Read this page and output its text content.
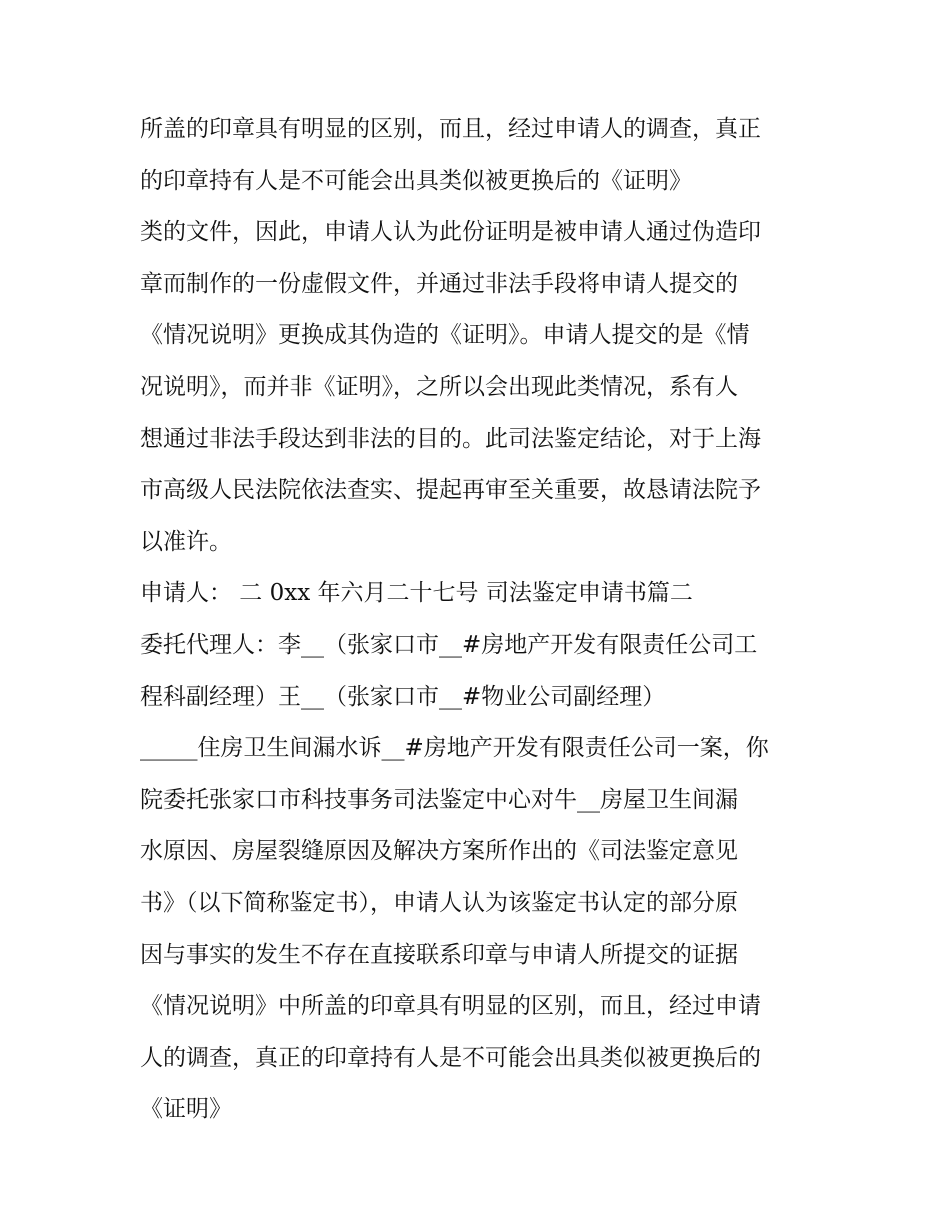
所盖的印章具有明显的区别，而且，经过申请人的调查，真正
的印章持有人是不可能会出具类似被更换后的《证明》
类的文件，因此，申请人认为此份证明是被申请人通过伪造印
章而制作的一份虚假文件，并通过非法手段将申请人提交的
《情况说明》更换成其伪造的《证明》。申请人提交的是《情
况说明》，而并非《证明》，之所以会出现此类情况，系有人
想通过非法手段达到非法的目的。此司法鉴定结论，对于上海
市高级人民法院依法查实、提起再审至关重要，故恳请法院予
以准许。
申请人： 二 0xx 年六月二十七号 司法鉴定申请书篇二
委托代理人：李__（张家口市__#房地产开发有限责任公司工
程科副经理）王__（张家口市__#物业公司副经理）
_____住房卫生间漏水诉__#房地产开发有限责任公司一案，你
院委托张家口市科技事务司法鉴定中心对牛__房屋卫生间漏
水原因、房屋裂缝原因及解决方案所作出的《司法鉴定意见
书》（以下简称鉴定书），申请人认为该鉴定书认定的部分原
因与事实的发生不存在直接联系印章与申请人所提交的证据
《情况说明》中所盖的印章具有明显的区别，而且，经过申请
人的调查，真正的印章持有人是不可能会出具类似被更换后的
《证明》
